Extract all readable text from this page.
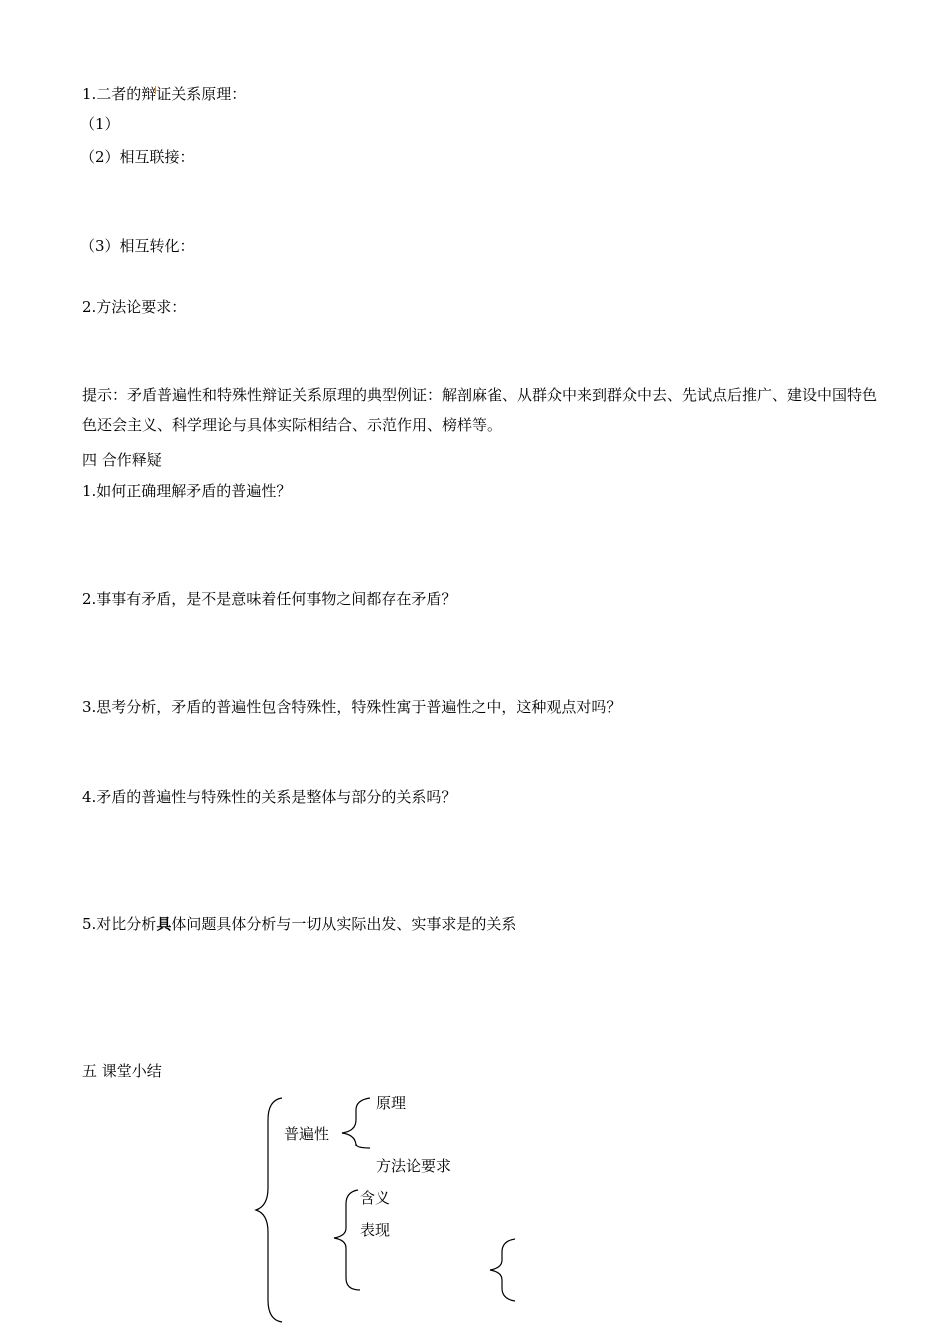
1.二者的辩证关系原理：
（1）
（2）相互联接：
（3）相互转化：
2.方法论要求：
提示：矛盾普遍性和特殊性辩证关系原理的典型例证：解剖麻雀、从群众中来到群众中去、先试点后推广、建设中国特色色还会主义、科学理论与具体实际相结合、示范作用、榜样等。
四 合作释疑
1.如何正确理解矛盾的普遍性？
2.事事有矛盾，是不是意味着任何事物之间都存在矛盾？
3.思考分析，矛盾的普遍性包含特殊性，特殊性寓于普遍性之中，这种观点对吗？
4.矛盾的普遍性与特殊性的关系是整体与部分的关系吗？
5.对比分析具体问题具体分析与一切从实际出发、实事求是的关系
五 课堂小结
普遍性
原理
方法论要求
含义
表现
